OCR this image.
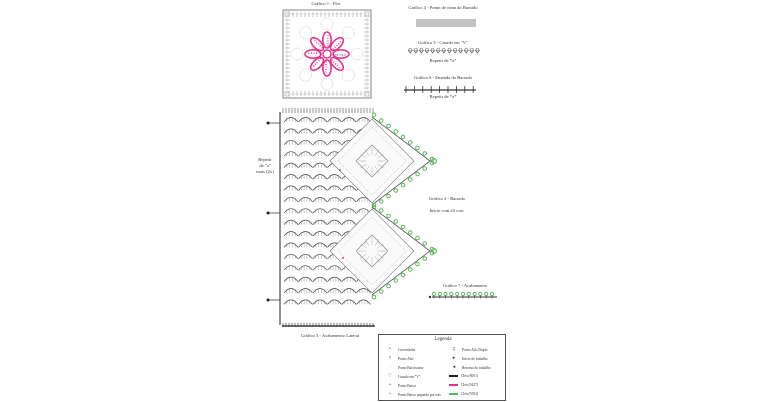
Gráfico 1 - Flor
Gráfico 4 - Ponto de cima do Barrado
Gráfico 5 - Casado em "V"
Repetir de *a*
Gráfico 6 - Emenda do Barrado
Repetir de *a*
Gráfico 2 - Barrado
Início com 43 corr.
Repetir
de "a"
mais (2x)
Gráfico 7 - Acabamento
Gráfico 3 - Acabamento Lateral
Legenda
•	Correntinha
†	Ponto Alto
·	Ponto Baixíssimo
♡	Casado em "V"
+	Ponto Baixo
+	Ponto Baixo pegando por trás
‡	Ponto Alto Duplo
▸	Início do trabalho
◂	Retorno do trabalho
Cléa (8001)
Cléa (9427)
Cléa (5592)
